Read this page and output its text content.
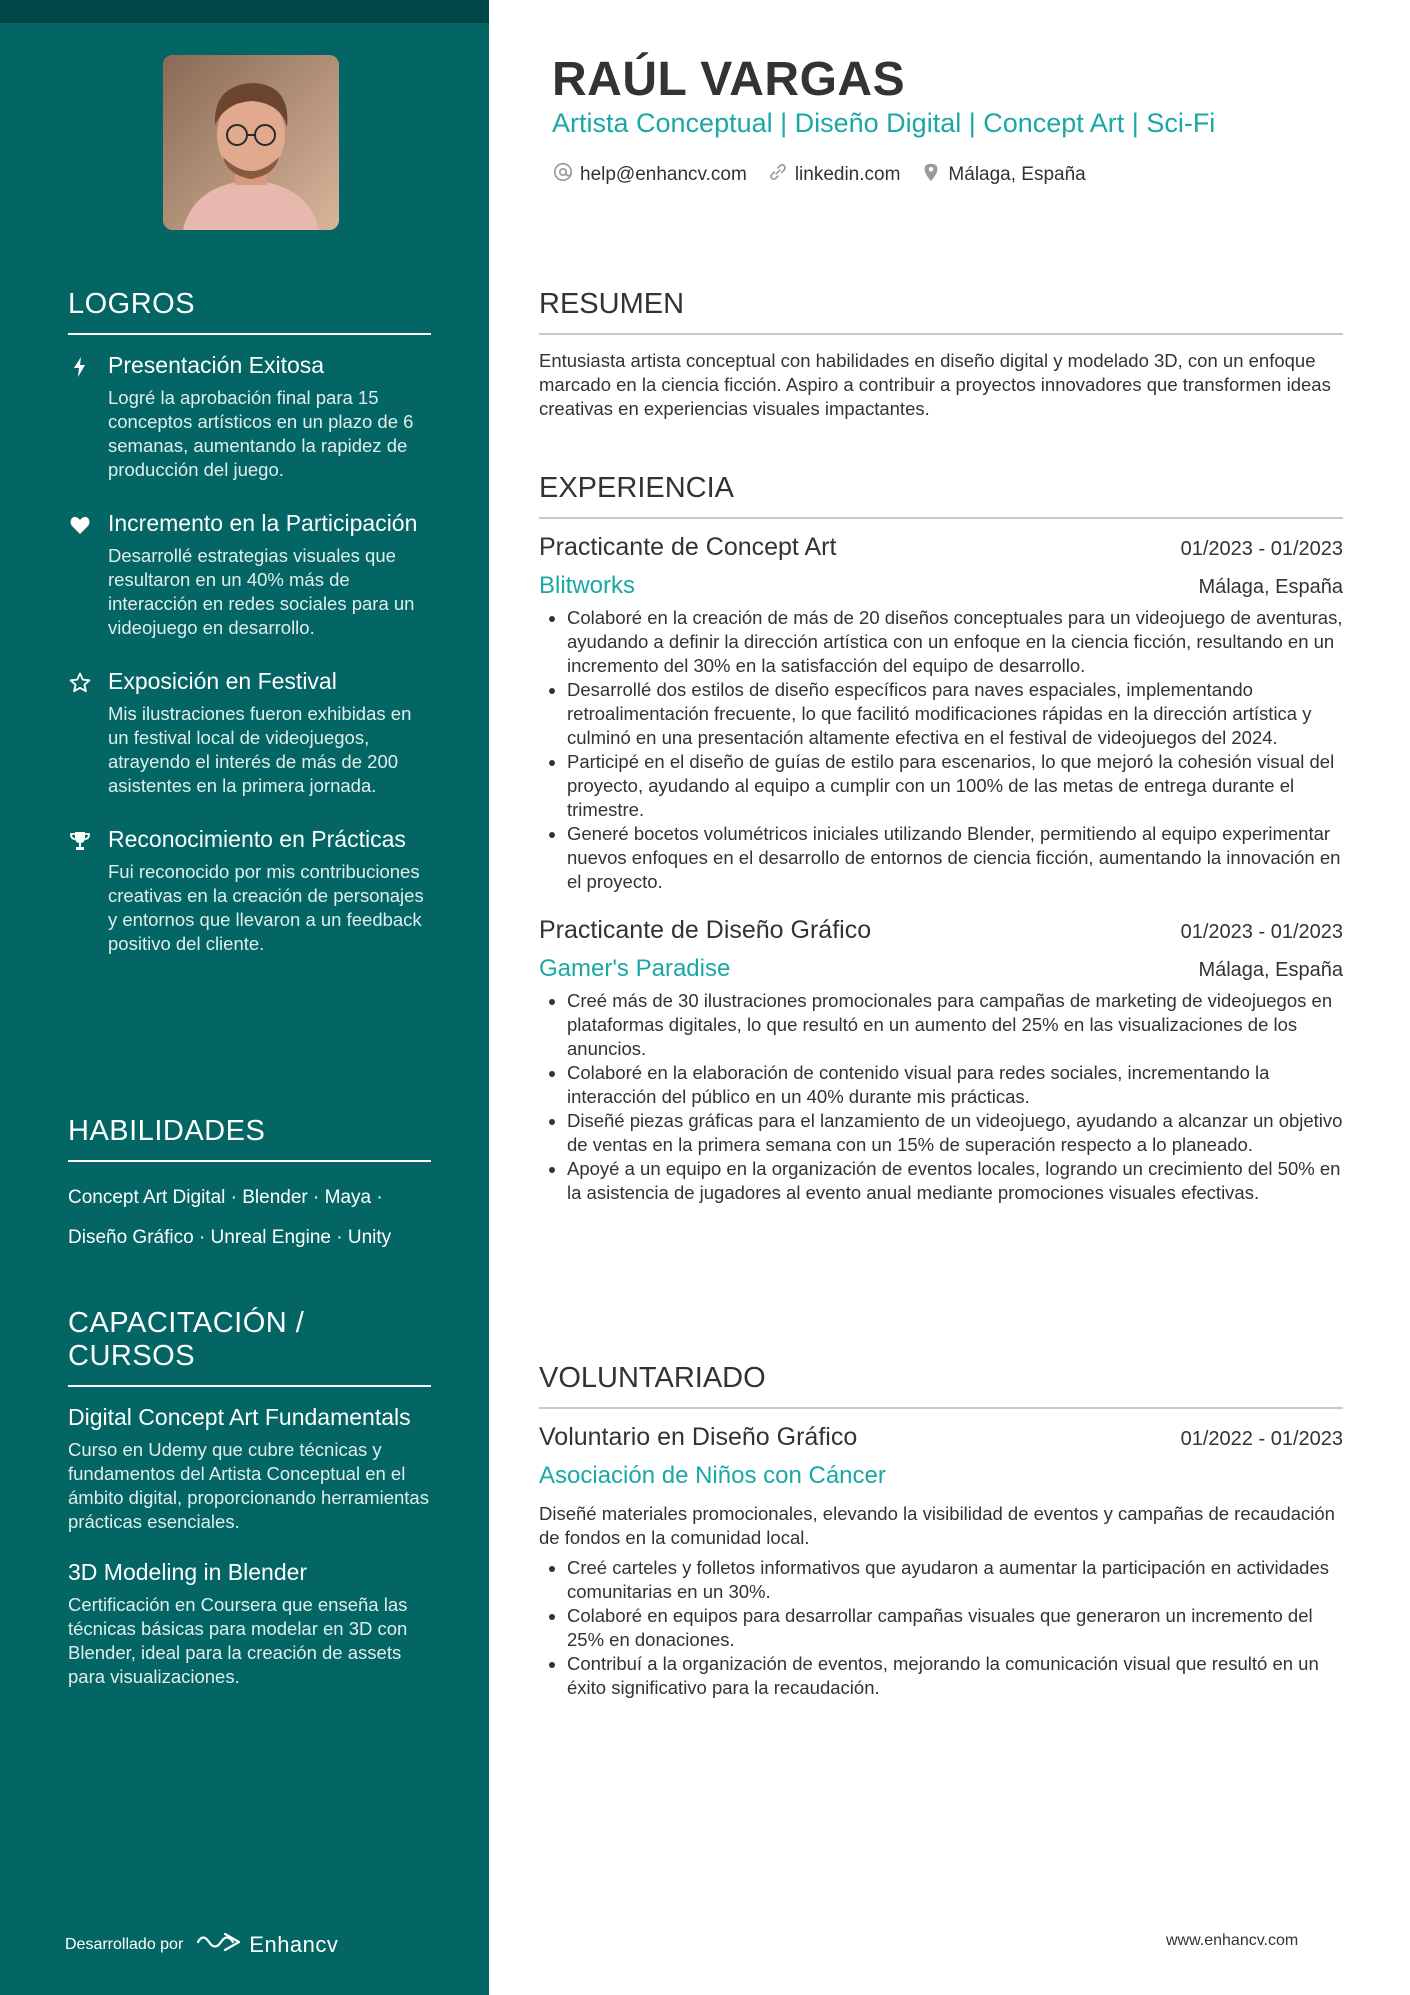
LOGROS
Presentación Exitosa
Logré la aprobación final para 15 conceptos artísticos en un plazo de 6 semanas, aumentando la rapidez de producción del juego.
Incremento en la Participación
Desarrollé estrategias visuales que resultaron en un 40% más de interacción en redes sociales para un videojuego en desarrollo.
Exposición en Festival
Mis ilustraciones fueron exhibidas en un festival local de videojuegos, atrayendo el interés de más de 200 asistentes en la primera jornada.
Reconocimiento en Prácticas
Fui reconocido por mis contribuciones creativas en la creación de personajes y entornos que llevaron a un feedback positivo del cliente.
HABILIDADES
Concept Art Digital · Blender · Maya ·
Diseño Gráfico · Unreal Engine · Unity
CAPACITACIÓN / CURSOS
Digital Concept Art Fundamentals
Curso en Udemy que cubre técnicas y fundamentos del Artista Conceptual en el ámbito digital, proporcionando herramientas prácticas esenciales.
3D Modeling in Blender
Certificación en Coursera que enseña las técnicas básicas para modelar en 3D con Blender, ideal para la creación de assets para visualizaciones.
Desarrollado por	Enhancv
RAÚL VARGAS
Artista Conceptual | Diseño Digital | Concept Art | Sci-Fi
help@enhancv.com	linkedin.com	Málaga, España
RESUMEN
Entusiasta artista conceptual con habilidades en diseño digital y modelado 3D, con un enfoque marcado en la ciencia ficción. Aspiro a contribuir a proyectos innovadores que transformen ideas creativas en experiencias visuales impactantes.
EXPERIENCIA
Practicante de Concept Art	01/2023 - 01/2023
Blitworks	Málaga, España
• Colaboré en la creación de más de 20 diseños conceptuales para un videojuego de aventuras, ayudando a definir la dirección artística con un enfoque en la ciencia ficción, resultando en un incremento del 30% en la satisfacción del equipo de desarrollo.
• Desarrollé dos estilos de diseño específicos para naves espaciales, implementando retroalimentación frecuente, lo que facilitó modificaciones rápidas en la dirección artística y culminó en una presentación altamente efectiva en el festival de videojuegos del 2024.
• Participé en el diseño de guías de estilo para escenarios, lo que mejoró la cohesión visual del proyecto, ayudando al equipo a cumplir con un 100% de las metas de entrega durante el trimestre.
• Generé bocetos volumétricos iniciales utilizando Blender, permitiendo al equipo experimentar nuevos enfoques en el desarrollo de entornos de ciencia ficción, aumentando la innovación en el proyecto.
Practicante de Diseño Gráfico	01/2023 - 01/2023
Gamer's Paradise	Málaga, España
• Creé más de 30 ilustraciones promocionales para campañas de marketing de videojuegos en plataformas digitales, lo que resultó en un aumento del 25% en las visualizaciones de los anuncios.
• Colaboré en la elaboración de contenido visual para redes sociales, incrementando la interacción del público en un 40% durante mis prácticas.
• Diseñé piezas gráficas para el lanzamiento de un videojuego, ayudando a alcanzar un objetivo de ventas en la primera semana con un 15% de superación respecto a lo planeado.
• Apoyé a un equipo en la organización de eventos locales, logrando un crecimiento del 50% en la asistencia de jugadores al evento anual mediante promociones visuales efectivas.
VOLUNTARIADO
Voluntario en Diseño Gráfico	01/2022 - 01/2023
Asociación de Niños con Cáncer
Diseñé materiales promocionales, elevando la visibilidad de eventos y campañas de recaudación de fondos en la comunidad local.
• Creé carteles y folletos informativos que ayudaron a aumentar la participación en actividades comunitarias en un 30%.
• Colaboré en equipos para desarrollar campañas visuales que generaron un incremento del 25% en donaciones.
• Contribuí a la organización de eventos, mejorando la comunicación visual que resultó en un éxito significativo para la recaudación.
www.enhancv.com
